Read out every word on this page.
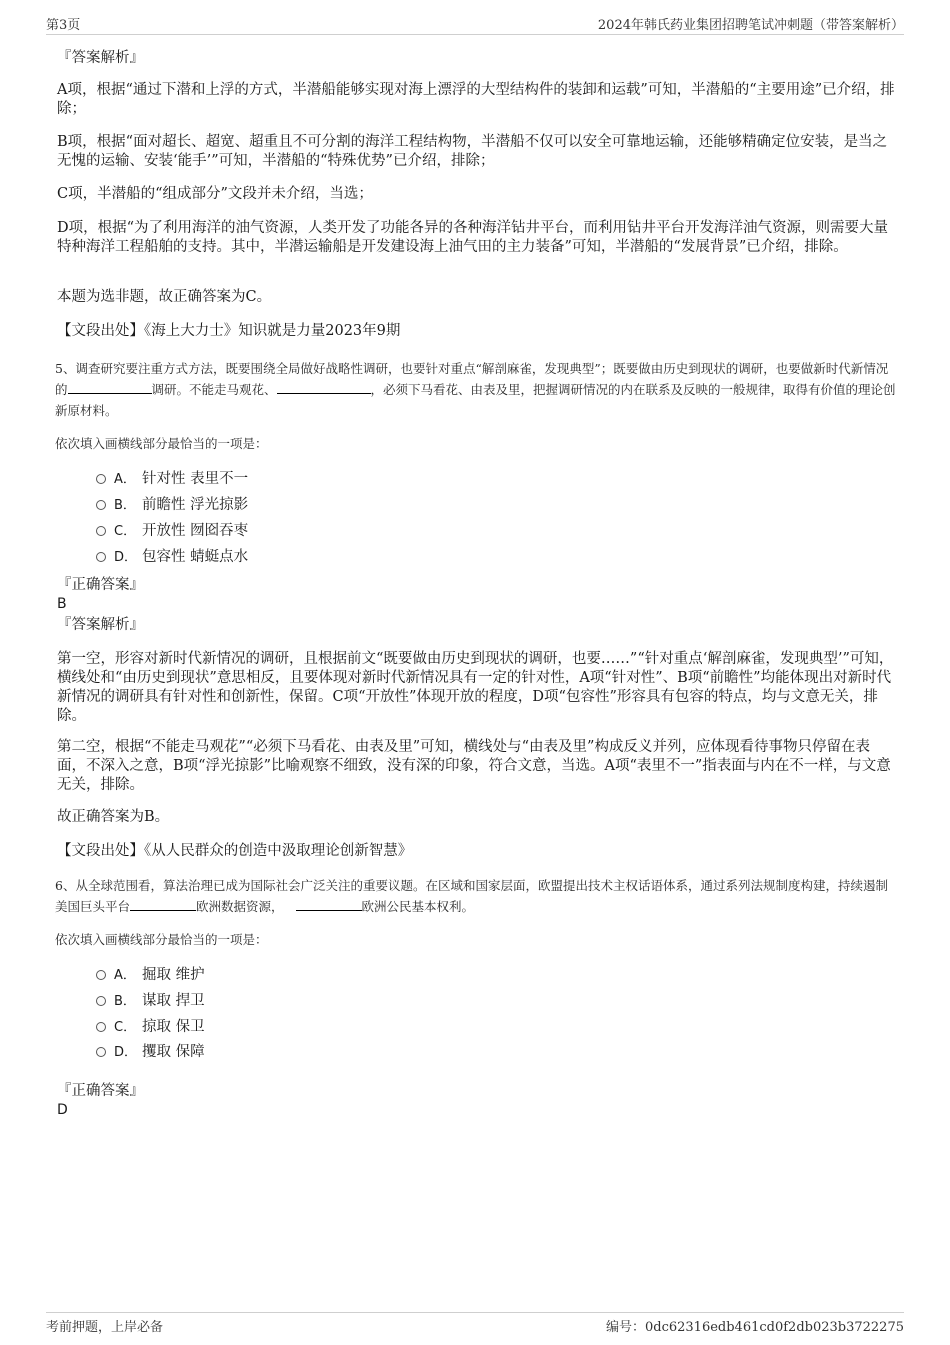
第3页	2024年韩氏药业集团招聘笔试冲刺题（带答案解析）
『答案解析』
A项，根据“通过下潜和上浮的方式，半潜船能够实现对海上漂浮的大型结构件的装卸和运载”可知，半潜船的“主要用途”已介绍，排除；
B项，根据“面对超长、超宽、超重且不可分割的海洋工程结构物，半潜船不仅可以安全可靠地运输，还能够精确定位安装，是当之无愧的运输、安装‘能手’”可知，半潜船的“特殊优势”已介绍，排除；
C项，半潜船的“组成部分”文段并未介绍，当选；
D项，根据“为了利用海洋的油气资源，人类开发了功能各异的各种海洋钻井平台，而利用钻井平台开发海洋油气资源，则需要大量特种海洋工程船舶的支持。其中，半潜运输船是开发建设海上油气田的主力装备”可知，半潜船的“发展背景”已介绍，排除。
本题为选非题，故正确答案为C。
【文段出处】《海上大力士》知识就是力量2023年9期
5、调查研究要注重方式方法，既要围绕全局做好战略性调研，也要针对重点“解剖麻雀，发现典型”；既要做由历史到现状的调研，也要做新时代新情况的	调研。不能走马观花、	，必须下马看花、由表及里，把握调研情况的内在联系及反映的一般规律，取得有价值的理论创新原材料。
依次填入画横线部分最恰当的一项是：
A． 针对性 表里不一
B． 前瞻性 浮光掠影
C． 开放性 囫囵吞枣
D． 包容性 蜻蜓点水
『正确答案』
B
『答案解析』
第一空，形容对新时代新情况的调研，且根据前文“既要做由历史到现状的调研，也要……”“针对重点‘解剖麻雀，发现典型’”可知，横线处和“由历史到现状”意思相反，且要体现对新时代新情况具有一定的针对性，A项“针对性”、B项“前瞻性”均能体现出对新时代新情况的调研具有针对性和创新性，保留。C项“开放性”体现开放的程度，D项“包容性”形容具有包容的特点，均与文意无关，排除。
第二空，根据“不能走马观花”“必须下马看花、由表及里”可知，横线处与“由表及里”构成反义并列，应体现看待事物只停留在表面，不深入之意，B项“浮光掠影”比喻观察不细致，没有深的印象，符合文意，当选。A项“表里不一”指表面与内在不一样，与文意无关，排除。
故正确答案为B。
【文段出处】《从人民群众的创造中汲取理论创新智慧》
6、从全球范围看，算法治理已成为国际社会广泛关注的重要议题。在区域和国家层面，欧盟提出技术主权话语体系，通过系列法规制度构建，持续遏制美国巨头平台	欧洲数据资源，	欧洲公民基本权利。
依次填入画横线部分最恰当的一项是：
A． 掘取 维护
B． 谋取 捍卫
C． 掠取 保卫
D． 攫取 保障
『正确答案』
D
考前押题，上岸必备	编号：0dc62316edb461cd0f2db023b3722275
